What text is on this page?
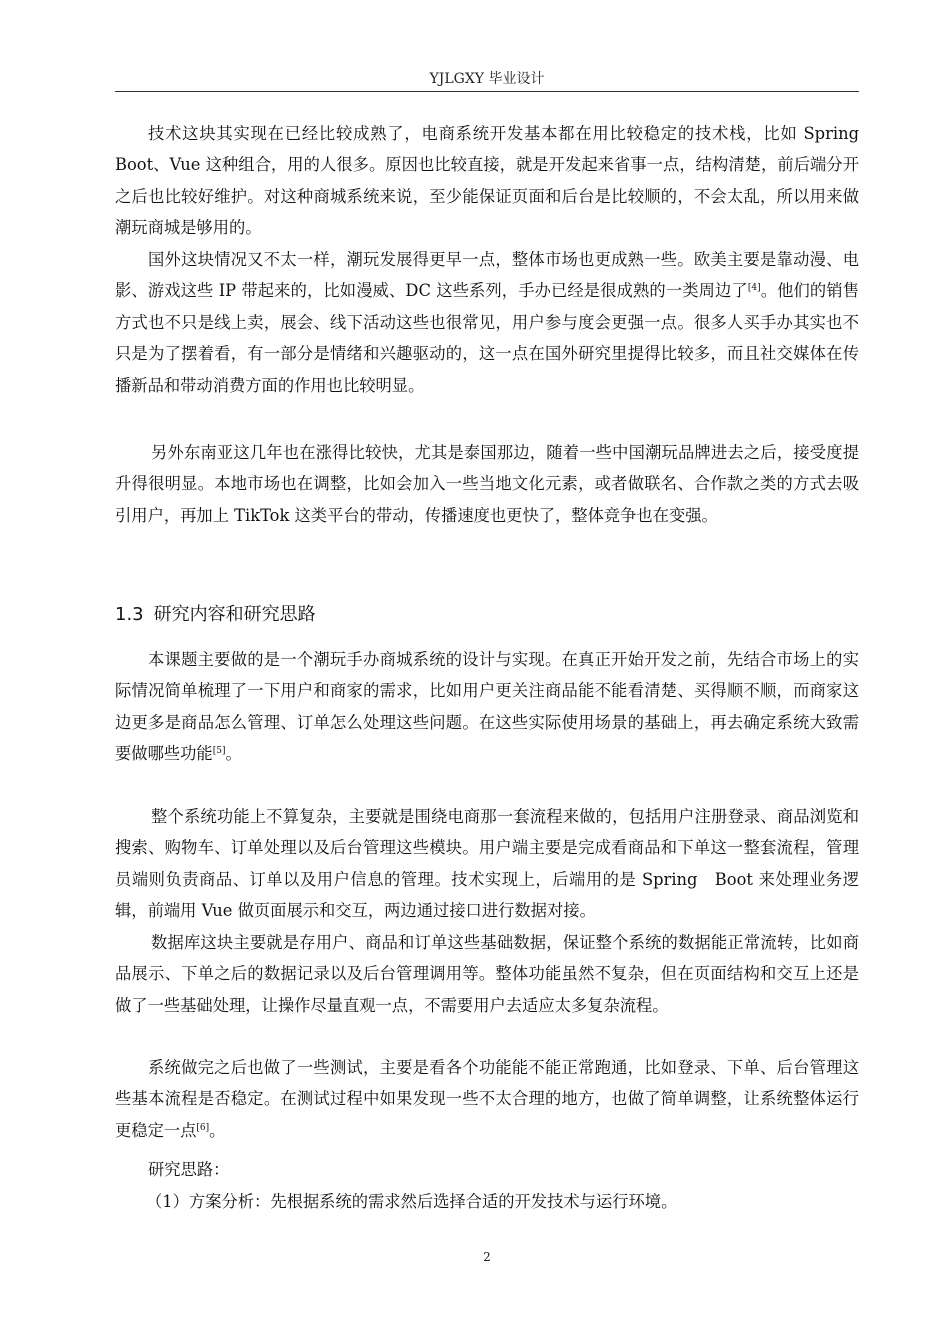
YJLGXY 毕业设计

技术这块其实现在已经比较成熟了，电商系统开发基本都在用比较稳定的技术栈，比如 Spring　Boot、Vue 这种组合，用的人很多。原因也比较直接，就是开发起来省事一点，结构清楚，前后端分开之后也比较好维护。对这种商城系统来说，至少能保证页面和后台是比较顺的，不会太乱，所以用来做潮玩商城是够用的。

国外这块情况又不太一样，潮玩发展得更早一点，整体市场也更成熟一些。欧美主要是靠动漫、电影、游戏这些 IP 带起来的，比如漫威、DC 这些系列，手办已经是很成熟的一类周边了[4]。他们的销售方式也不只是线上卖，展会、线下活动这些也很常见，用户参与度会更强一点。很多人买手办其实也不只是为了摆着看，有一部分是情绪和兴趣驱动的，这一点在国外研究里提得比较多，而且社交媒体在传播新品和带动消费方面的作用也比较明显。

另外东南亚这几年也在涨得比较快，尤其是泰国那边，随着一些中国潮玩品牌进去之后，接受度提升得很明显。本地市场也在调整，比如会加入一些当地文化元素，或者做联名、合作款之类的方式去吸引用户，再加上 TikTok 这类平台的带动，传播速度也更快了，整体竞争也在变强。

1.3 研究内容和研究思路

本课题主要做的是一个潮玩手办商城系统的设计与实现。在真正开始开发之前，先结合市场上的实际情况简单梳理了一下用户和商家的需求，比如用户更关注商品能不能看清楚、买得顺不顺，而商家这边更多是商品怎么管理、订单怎么处理这些问题。在这些实际使用场景的基础上，再去确定系统大致需要做哪些功能[5]。

整个系统功能上不算复杂，主要就是围绕电商那一套流程来做的，包括用户注册登录、商品浏览和搜索、购物车、订单处理以及后台管理这些模块。用户端主要是完成看商品和下单这一整套流程，管理员端则负责商品、订单以及用户信息的管理。技术实现上，后端用的是 Spring　Boot 来处理业务逻辑，前端用 Vue 做页面展示和交互，两边通过接口进行数据对接。

数据库这块主要就是存用户、商品和订单这些基础数据，保证整个系统的数据能正常流转，比如商品展示、下单之后的数据记录以及后台管理调用等。整体功能虽然不复杂，但在页面结构和交互上还是做了一些基础处理，让操作尽量直观一点，不需要用户去适应太多复杂流程。

系统做完之后也做了一些测试，主要是看各个功能能不能正常跑通，比如登录、下单、后台管理这些基本流程是否稳定。在测试过程中如果发现一些不太合理的地方，也做了简单调整，让系统整体运行更稳定一点[6]。

研究思路：

（1）方案分析：先根据系统的需求然后选择合适的开发技术与运行环境。

2
